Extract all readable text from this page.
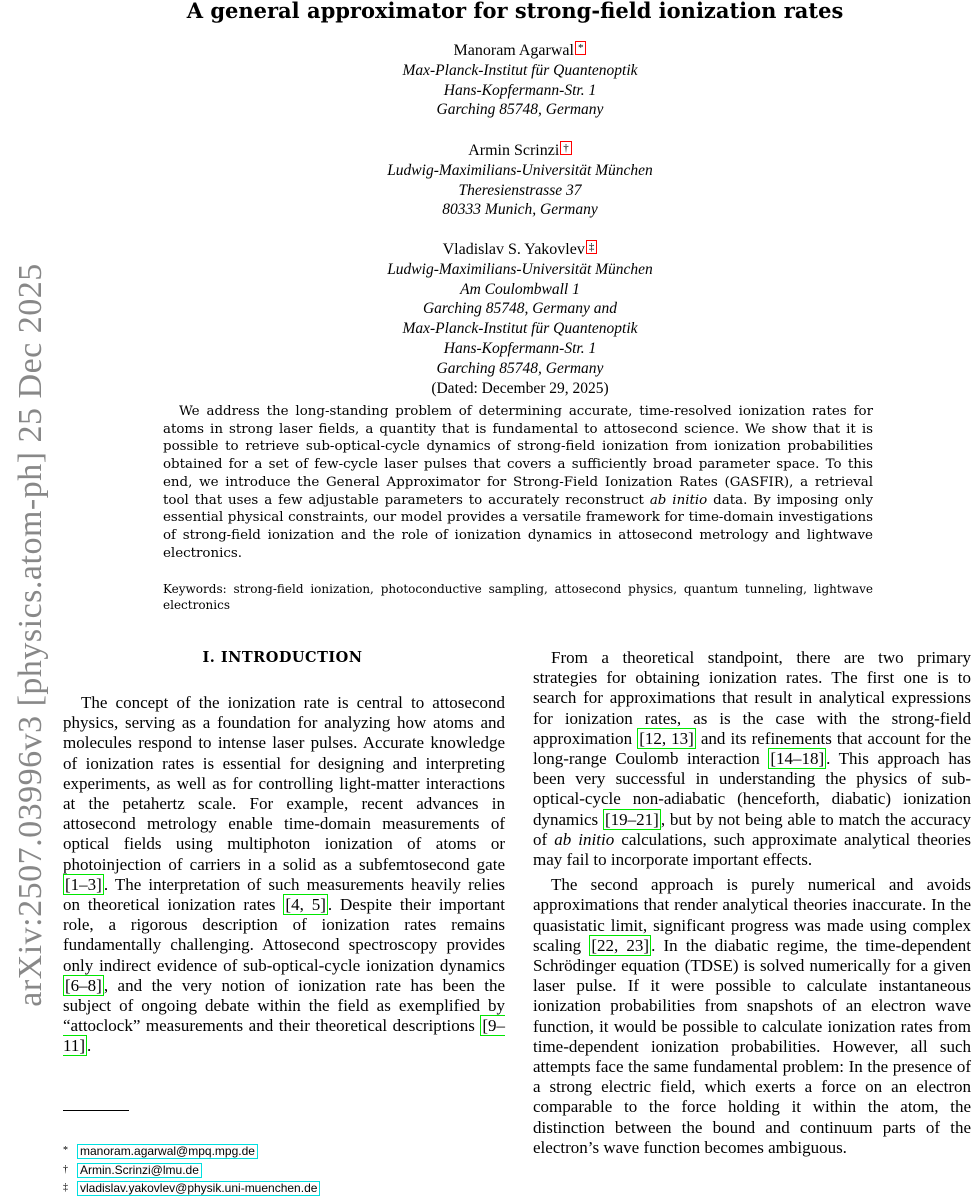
arXiv:2507.03996v3 [physics.atom-ph] 25 Dec 2025
A general approximator for strong-field ionization rates
Manoram Agarwal *
Max-Planck-Institut für Quantenoptik
Hans-Kopfermann-Str. 1
Garching 85748, Germany
Armin Scrinzi †
Ludwig-Maximilians-Universität München
Theresienstrasse 37
80333 Munich, Germany
Vladislav S. Yakovlev ‡
Ludwig-Maximilians-Universität München
Am Coulombwall 1
Garching 85748, Germany and
Max-Planck-Institut für Quantenoptik
Hans-Kopfermann-Str. 1
Garching 85748, Germany
(Dated: December 29, 2025)

We address the long-standing problem of determining accurate, time-resolved ionization rates for atoms in strong laser fields, a quantity that is fundamental to attosecond science. We show that it is possible to retrieve sub-optical-cycle dynamics of strong-field ionization from ionization probabilities obtained for a set of few-cycle laser pulses that covers a sufficiently broad parameter space. To this end, we introduce the General Approximator for Strong-Field Ionization Rates (GASFIR), a retrieval tool that uses a few adjustable parameters to accurately reconstruct ab initio data. By imposing only essential physical constraints, our model provides a versatile framework for time-domain investigations of strong-field ionization and the role of ionization dynamics in attosecond metrology and lightwave electronics.

Keywords: strong-field ionization, photoconductive sampling, attosecond physics, quantum tunneling, lightwave electronics

I. INTRODUCTION

The concept of the ionization rate is central to attosecond physics, serving as a foundation for analyzing how atoms and molecules respond to intense laser pulses. Accurate knowledge of ionization rates is essential for designing and interpreting experiments, as well as for controlling light-matter interactions at the petahertz scale. For example, recent advances in attosecond metrology enable time-domain measurements of optical fields using multiphoton ionization of atoms or photoinjection of carriers in a solid as a subfemtosecond gate [1–3] . The interpretation of such measurements heavily relies on theoretical ionization rates [4, 5] . Despite their important role, a rigorous description of ionization rates remains fundamentally challenging. Attosecond spectroscopy provides only indirect evidence of sub-optical-cycle ionization dynamics [6–8] , and the very notion of ionization rate has been the subject of ongoing debate within the field as exemplified by “attoclock” measurements and their theoretical descriptions [9–11] .

From a theoretical standpoint, there are two primary strategies for obtaining ionization rates. The first one is to search for approximations that result in analytical expressions for ionization rates, as is the case with the strong-field approximation [12, 13] and its refinements that account for the long-range Coulomb interaction [14–18] . This approach has been very successful in understanding the physics of sub-optical-cycle non-adiabatic (henceforth, diabatic) ionization dynamics [19–21] , but by not being able to match the accuracy of ab initio calculations, such approximate analytical theories may fail to incorporate important effects.

The second approach is purely numerical and avoids approximations that render analytical theories inaccurate. In the quasistatic limit, significant progress was made using complex scaling [22, 23] . In the diabatic regime, the time-dependent Schrödinger equation (TDSE) is solved numerically for a given laser pulse. If it were possible to calculate instantaneous ionization probabilities from snapshots of an electron wave function, it would be possible to calculate ionization rates from time-dependent ionization probabilities. However, all such attempts face the same fundamental problem: In the presence of a strong electric field, which exerts a force on an electron comparable to the force holding it within the atom, the distinction between the bound and continuum parts of the electron’s wave function becomes ambiguous.

* manoram.agarwal@mpq.mpg.de
† Armin.Scrinzi@lmu.de
‡ vladislav.yakovlev@physik.uni-muenchen.de
